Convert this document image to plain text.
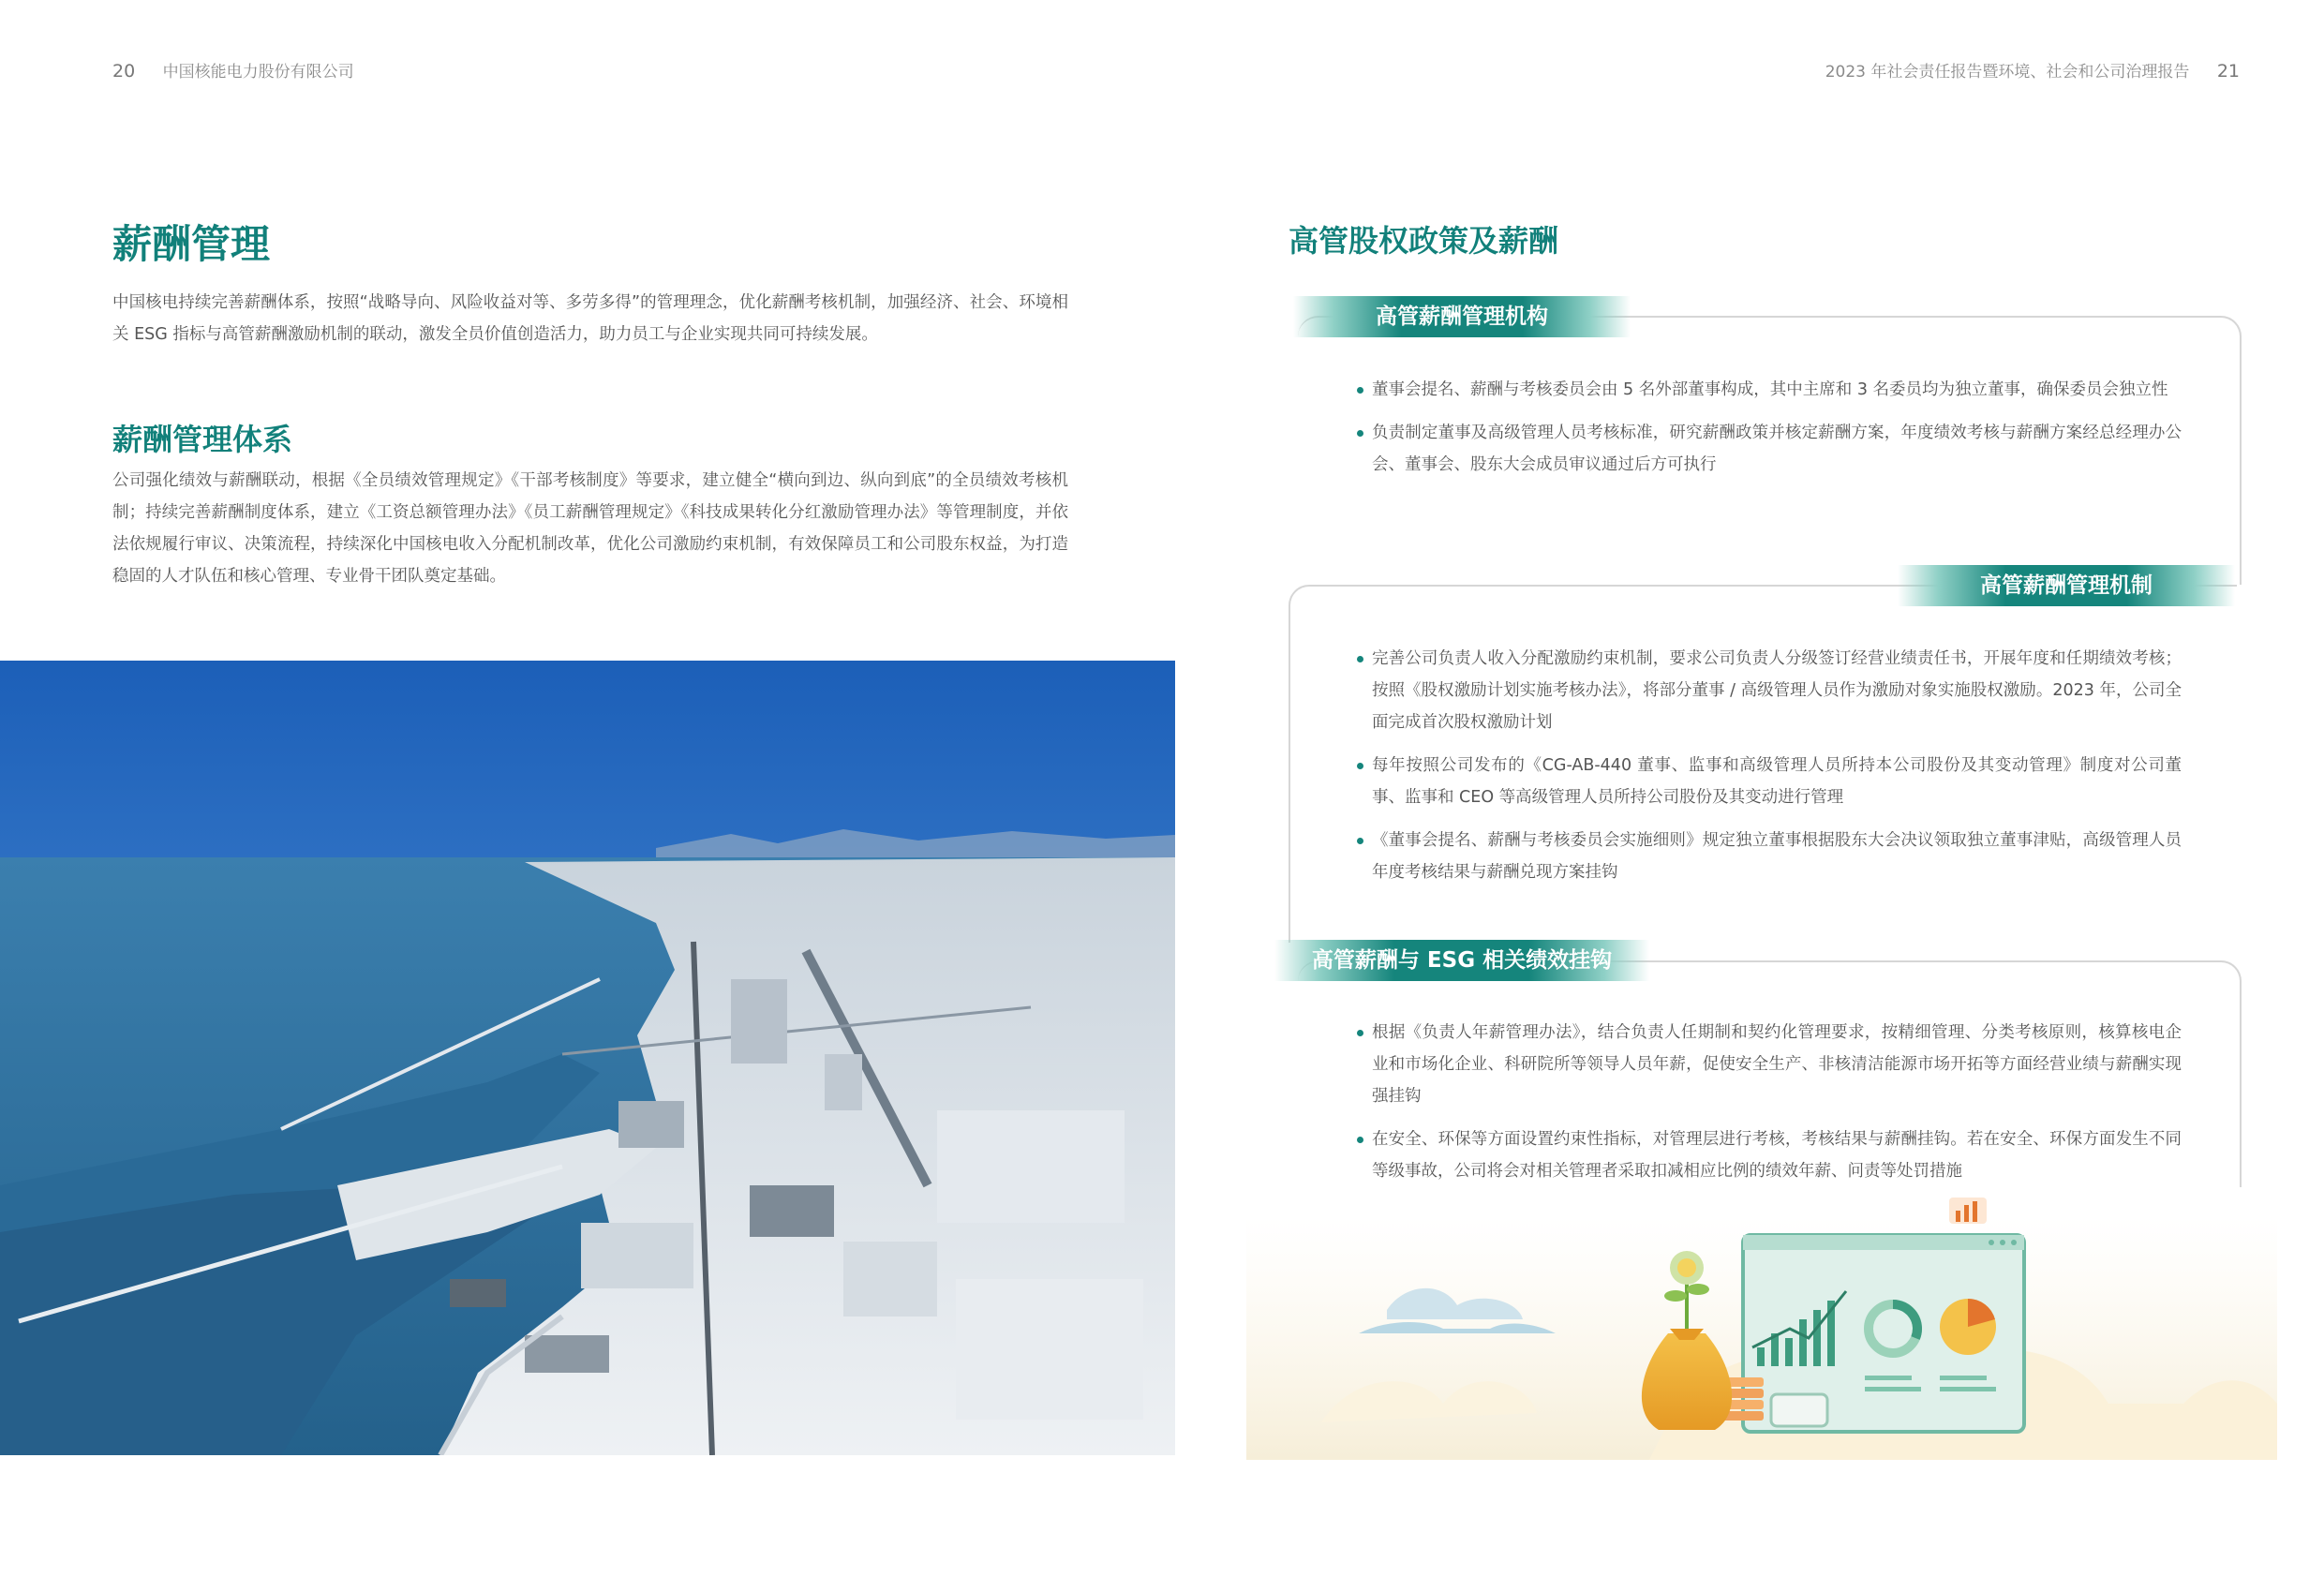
20 中国核能电力股份有限公司	2023 年社会责任报告暨环境、社会和公司治理报告 21
薪酬管理

中国核电持续完善薪酬体系，按照“战略导向、风险收益对等、多劳多得”的管理理念，优化薪酬考核机制，加强经济、社会、环境相关 ESG 指标与高管薪酬激励机制的联动，激发全员价值创造活力，助力员工与企业实现共同可持续发展。

薪酬管理体系

公司强化绩效与薪酬联动，根据《全员绩效管理规定》《干部考核制度》等要求，建立健全“横向到边、纵向到底”的全员绩效考核机制；持续完善薪酬制度体系，建立《工资总额管理办法》《员工薪酬管理规定》《科技成果转化分红激励管理办法》等管理制度，并依法依规履行审议、决策流程，持续深化中国核电收入分配机制改革，优化公司激励约束机制，有效保障员工和公司股东权益，为打造稳固的人才队伍和核心管理、专业骨干团队奠定基础。

高管股权政策及薪酬
高管薪酬管理机构
董事会提名、薪酬与考核委员会由 5 名外部董事构成，其中主席和 3 名委员均为独立董事，确保委员会独立性
负责制定董事及高级管理人员考核标准，研究薪酬政策并核定薪酬方案，年度绩效考核与薪酬方案经总经理办公会、董事会、股东大会成员审议通过后方可执行
高管薪酬管理机制
完善公司负责人收入分配激励约束机制，要求公司负责人分级签订经营业绩责任书，开展年度和任期绩效考核；按照《股权激励计划实施考核办法》，将部分董事 / 高级管理人员作为激励对象实施股权激励。2023 年，公司全面完成首次股权激励计划
每年按照公司发布的《CG-AB-440 董事、监事和高级管理人员所持本公司股份及其变动管理》制度对公司董事、监事和 CEO 等高级管理人员所持公司股份及其变动进行管理
《董事会提名、薪酬与考核委员会实施细则》规定独立董事根据股东大会决议领取独立董事津贴，高级管理人员年度考核结果与薪酬兑现方案挂钩
高管薪酬与 ESG 相关绩效挂钩
根据《负责人年薪管理办法》，结合负责人任期制和契约化管理要求，按精细管理、分类考核原则，核算核电企业和市场化企业、科研院所等领导人员年薪，促使安全生产、非核清洁能源市场开拓等方面经营业绩与薪酬实现强挂钩
在安全、环保等方面设置约束性指标，对管理层进行考核，考核结果与薪酬挂钩。若在安全、环保方面发生不同等级事故，公司将会对相关管理者采取扣减相应比例的绩效年薪、问责等处罚措施
